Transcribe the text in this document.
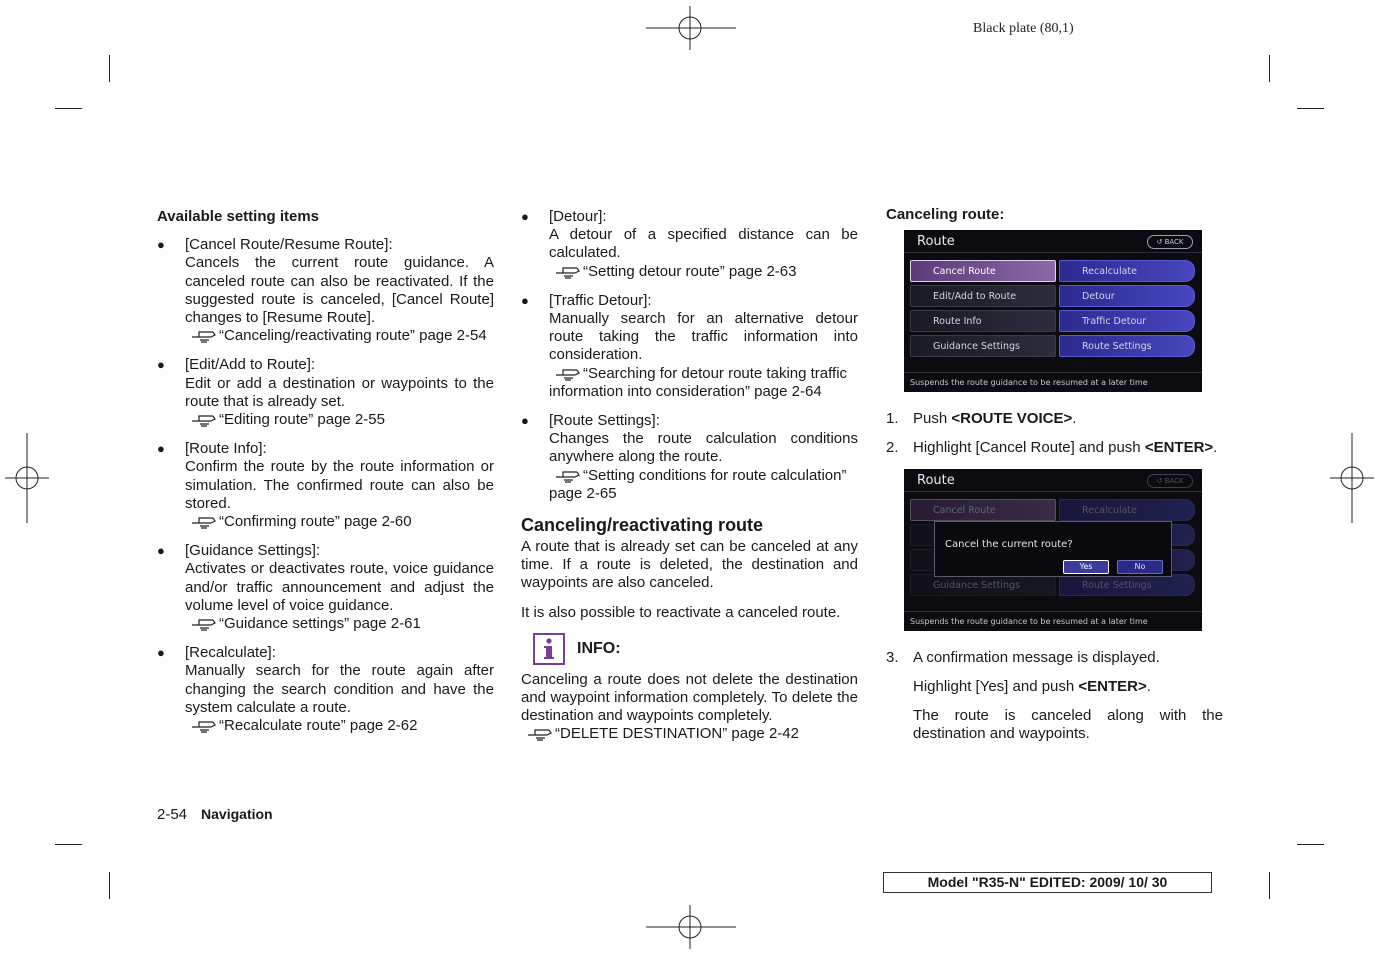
Black plate (80,1)
Available setting items
● [Cancel Route/Resume Route]:
Cancels the current route guidance. A canceled route can also be reactivated. If the suggested route is canceled, [Cancel Route] changes to [Resume Route].
“Canceling/reactivating route” page 2-54
● [Edit/Add to Route]:
Edit or add a destination or waypoints to the route that is already set.
“Editing route” page 2-55
● [Route Info]:
Confirm the route by the route information or simulation. The confirmed route can also be stored.
“Confirming route” page 2-60
● [Guidance Settings]:
Activates or deactivates route, voice guidance and/or traffic announcement and adjust the volume level of voice guidance.
“Guidance settings” page 2-61
● [Recalculate]:
Manually search for the route again after changing the search condition and have the system calculate a route.
“Recalculate route” page 2-62
● [Detour]:
A detour of a specified distance can be calculated.
“Setting detour route” page 2-63
● [Traffic Detour]:
Manually search for an alternative detour route taking the traffic information into consideration.
“Searching for detour route taking traffic information into consideration” page 2-64
● [Route Settings]:
Changes the route calculation conditions anywhere along the route.
“Setting conditions for route calculation” page 2-65
Canceling/reactivating route

A route that is already set can be canceled at any time. If a route is deleted, the destination and waypoints are also canceled.

It is also possible to reactivate a canceled route.

INFO:
Canceling a route does not delete the destination and waypoint information completely. To delete the destination and waypoints completely.
“DELETE DESTINATION” page 2-42
Canceling route:
Route	↺ BACK
Cancel Route
Edit/Add to Route
Route Info
Guidance Settings
Recalculate
Detour
Traffic Detour
Route Settings
Suspends the route guidance to be resumed at a later time
1. Push <ROUTE VOICE>.
2. Highlight [Cancel Route] and push <ENTER>.
Route	↺ BACK
Cancel Route
Guidance Settings
Recalculate
Route Settings
Cancel the current route?
Yes	No
Suspends the route guidance to be resumed at a later time
3. A confirmation message is displayed.
Highlight [Yes] and push <ENTER>.
The route is canceled along with the destination and waypoints.
2-54 Navigation
Model "R35-N" EDITED: 2009/ 10/ 30
